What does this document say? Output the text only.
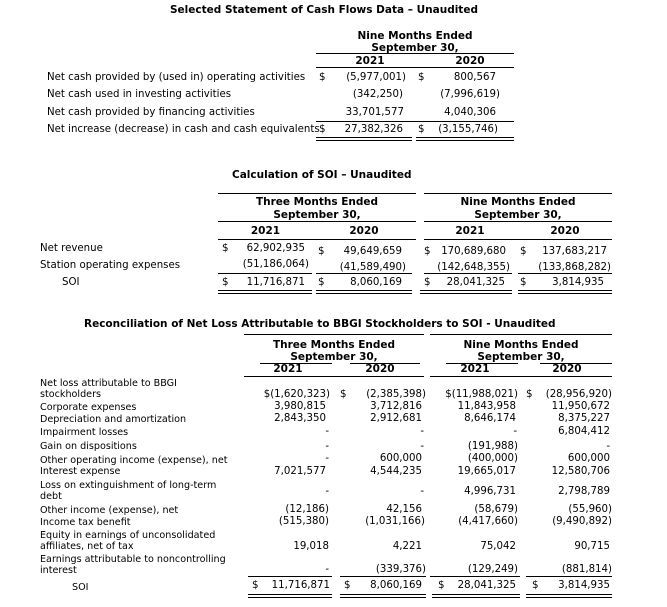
Selected Statement of Cash Flows Data – Unaudited
Nine Months Ended
September 30,
2021	2020
Net cash provided by (used in) operating activities $	(5,977,001) $	800,567
Net cash used in investing activities	(342,250)	(7,996,619)
Net cash provided by financing activities	33,701,577	4,040,306
Net increase (decrease) in cash and cash equivalents $	27,382,326 $	(3,155,746)
Calculation of SOI – Unaudited
Three Months Ended
September 30,
Nine Months Ended
September 30,
2021	2020	2021	2020
Net revenue	$	62,902,935 $	49,649,659 $	170,689,680 $	137,683,217
Station operating expenses	(51,186,064)	(41,589,490)	(142,648,355)	(133,868,282)
SOI	$	11,716,871 $	8,060,169 $	28,041,325 $	3,814,935
Reconciliation of Net Loss Attributable to BBGI Stockholders to SOI - Unaudited
Three Months Ended
September 30,
Nine Months Ended
September 30,
2021	2020	2021	2020
Net loss attributable to BBGI
stockholders	$(1,620,323) $	(2,385,398)	$(11,988,021) $	(28,956,920)
Corporate expenses	3,980,815	3,712,816	11,843,958	11,950,672
Depreciation and amortization	2,843,350	2,912,681	8,646,174	8,375,227
Impairment losses	-	-	-	6,804,412
Gain on dispositions	-	-	(191,988)	-
Other operating income (expense), net	-	600,000	(400,000)	600,000
Interest expense	7,021,577	4,544,235	19,665,017	12,580,706
Loss on extinguishment of long-term
debt	-	-	4,996,731	2,798,789
Other income (expense), net	(12,186)	42,156	(58,679)	(55,960)
Income tax benefit	(515,380)	(1,031,166)	(4,417,660)	(9,490,892)
Equity in earnings of unconsolidated
affiliates, net of tax	19,018	4,221	75,042	90,715
Earnings attributable to noncontrolling
interest	-	(339,376)	(129,249)	(881,814)
SOI	$	11,716,871 $	8,060,169 $	28,041,325 $	3,814,935
